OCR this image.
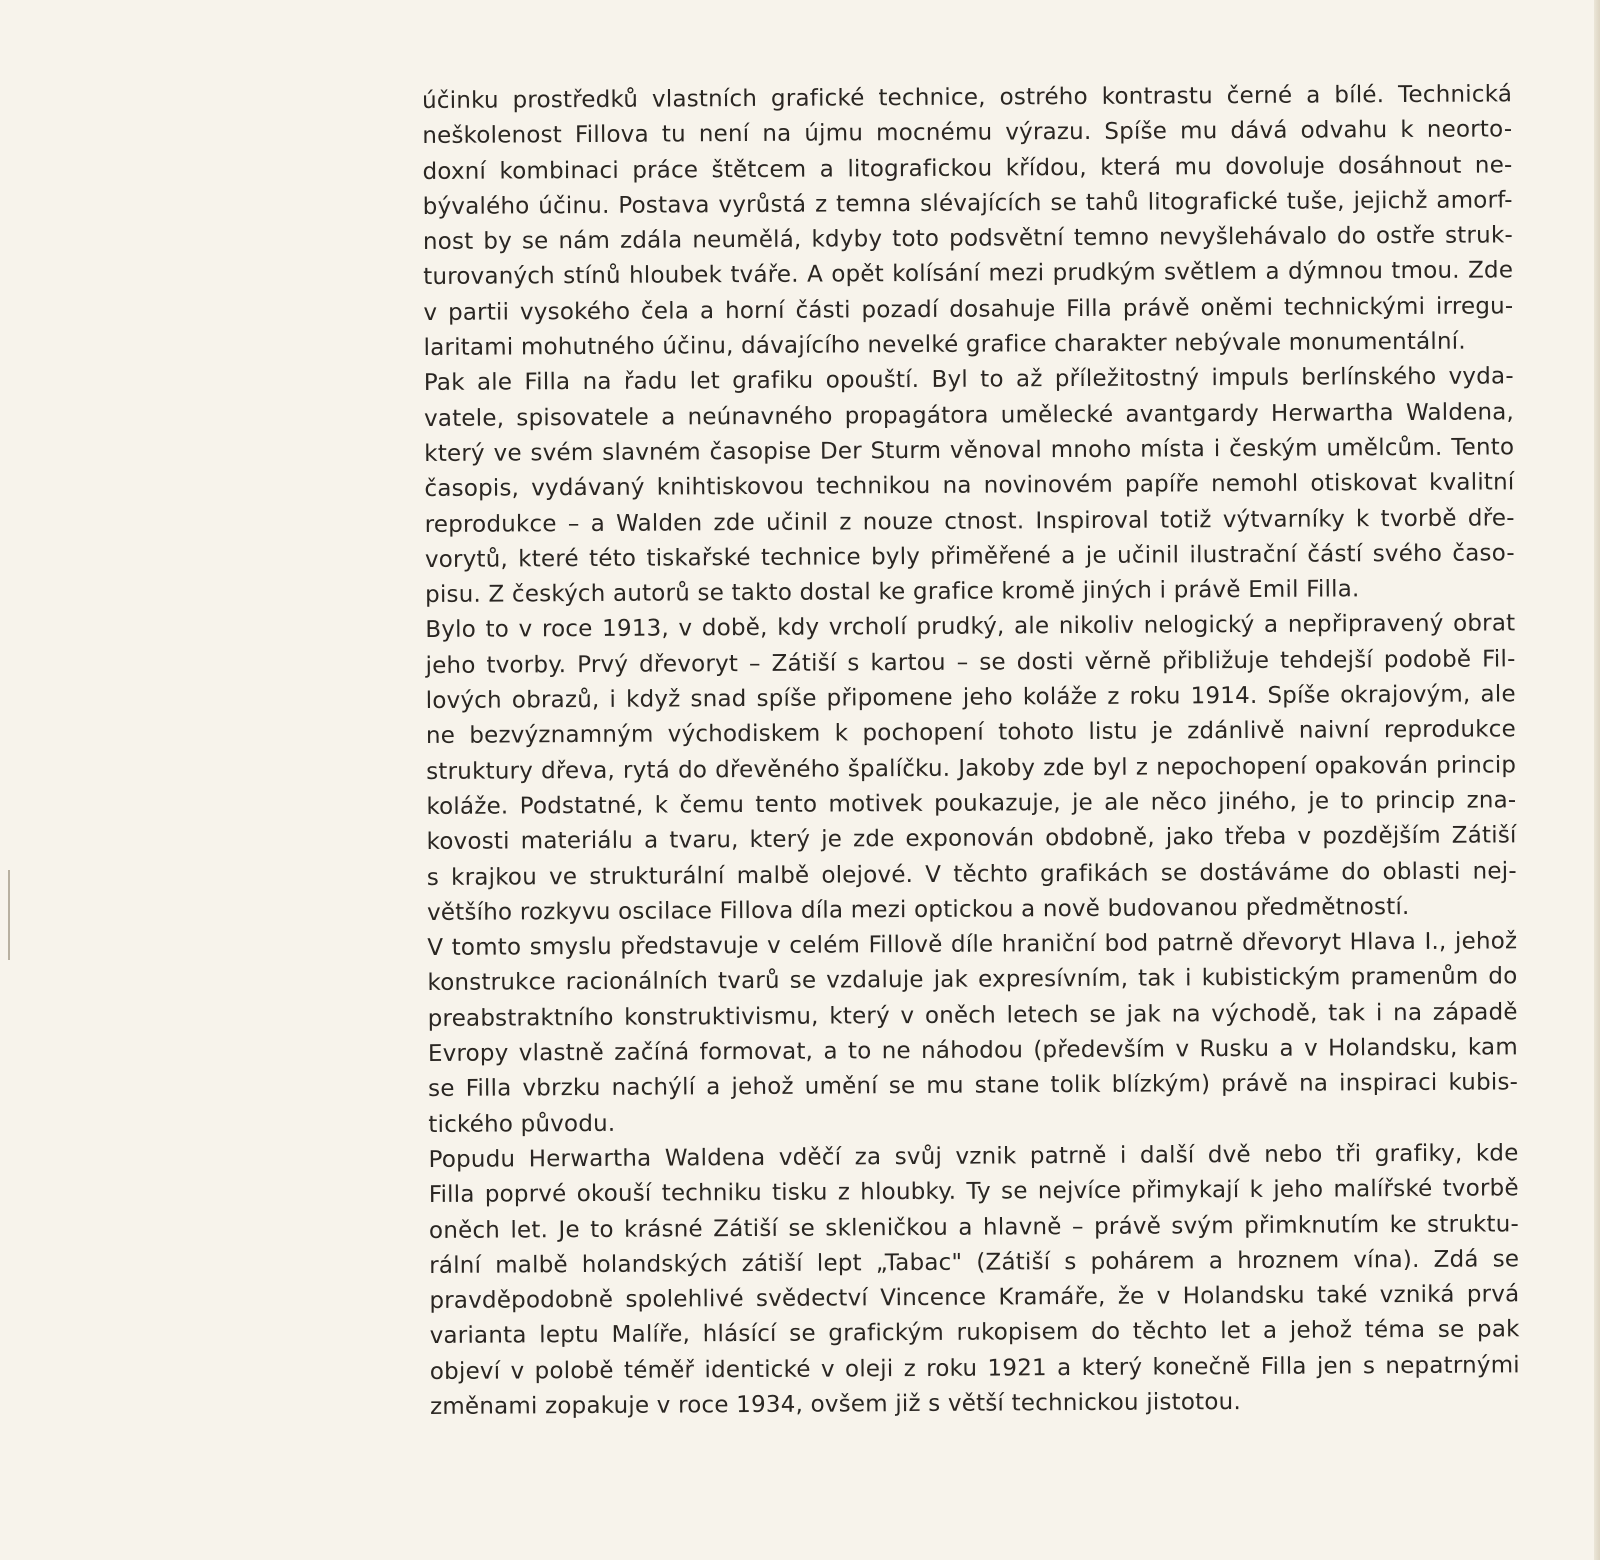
účinku prostředků vlastních grafické technice, ostrého kontrastu černé a bílé. Technická
neškolenost Fillova tu není na újmu mocnému výrazu. Spíše mu dává odvahu k neorto-
doxní kombinaci práce štětcem a litografickou křídou, která mu dovoluje dosáhnout ne-
bývalého účinu. Postava vyrůstá z temna slévajících se tahů litografické tuše, jejichž amorf-
nost by se nám zdála neumělá, kdyby toto podsvětní temno nevyšlehávalo do ostře struk-
turovaných stínů hloubek tváře. A opět kolísání mezi prudkým světlem a dýmnou tmou. Zde
v partii vysokého čela a horní části pozadí dosahuje Filla právě oněmi technickými irregu-
laritami mohutného účinu, dávajícího nevelké grafice charakter nebývale monumentální.
Pak ale Filla na řadu let grafiku opouští. Byl to až příležitostný impuls berlínského vyda-
vatele, spisovatele a neúnavného propagátora umělecké avantgardy Herwartha Waldena,
který ve svém slavném časopise Der Sturm věnoval mnoho místa i českým umělcům. Tento
časopis, vydávaný knihtiskovou technikou na novinovém papíře nemohl otiskovat kvalitní
reprodukce – a Walden zde učinil z nouze ctnost. Inspiroval totiž výtvarníky k tvorbě dře-
vorytů, které této tiskařské technice byly přiměřené a je učinil ilustrační částí svého časo-
pisu. Z českých autorů se takto dostal ke grafice kromě jiných i právě Emil Filla.
Bylo to v roce 1913, v době, kdy vrcholí prudký, ale nikoliv nelogický a nepřipravený obrat
jeho tvorby. Prvý dřevoryt – Zátiší s kartou – se dosti věrně přibližuje tehdejší podobě Fil-
lových obrazů, i když snad spíše připomene jeho koláže z roku 1914. Spíše okrajovým, ale
ne bezvýznamným východiskem k pochopení tohoto listu je zdánlivě naivní reprodukce
struktury dřeva, rytá do dřevěného špalíčku. Jakoby zde byl z nepochopení opakován princip
koláže. Podstatné, k čemu tento motivek poukazuje, je ale něco jiného, je to princip zna-
kovosti materiálu a tvaru, který je zde exponován obdobně, jako třeba v pozdějším Zátiší
s krajkou ve strukturální malbě olejové. V těchto grafikách se dostáváme do oblasti nej-
většího rozkyvu oscilace Fillova díla mezi optickou a nově budovanou předmětností.
V tomto smyslu představuje v celém Fillově díle hraniční bod patrně dřevoryt Hlava I., jehož
konstrukce racionálních tvarů se vzdaluje jak expresívním, tak i kubistickým pramenům do
preabstraktního konstruktivismu, který v oněch letech se jak na východě, tak i na západě
Evropy vlastně začíná formovat, a to ne náhodou (především v Rusku a v Holandsku, kam
se Filla vbrzku nachýlí a jehož umění se mu stane tolik blízkým) právě na inspiraci kubis-
tického původu.
Popudu Herwartha Waldena vděčí za svůj vznik patrně i další dvě nebo tři grafiky, kde
Filla poprvé okouší techniku tisku z hloubky. Ty se nejvíce přimykají k jeho malířské tvorbě
oněch let. Je to krásné Zátiší se skleničkou a hlavně – právě svým přimknutím ke struktu-
rální malbě holandských zátiší lept „Tabac" (Zátiší s pohárem a hroznem vína). Zdá se
pravděpodobně spolehlivé svědectví Vincence Kramáře, že v Holandsku také vzniká prvá
varianta leptu Malíře, hlásící se grafickým rukopisem do těchto let a jehož téma se pak
objeví v polobě téměř identické v oleji z roku 1921 a který konečně Filla jen s nepatrnými
změnami zopakuje v roce 1934, ovšem již s větší technickou jistotou.
